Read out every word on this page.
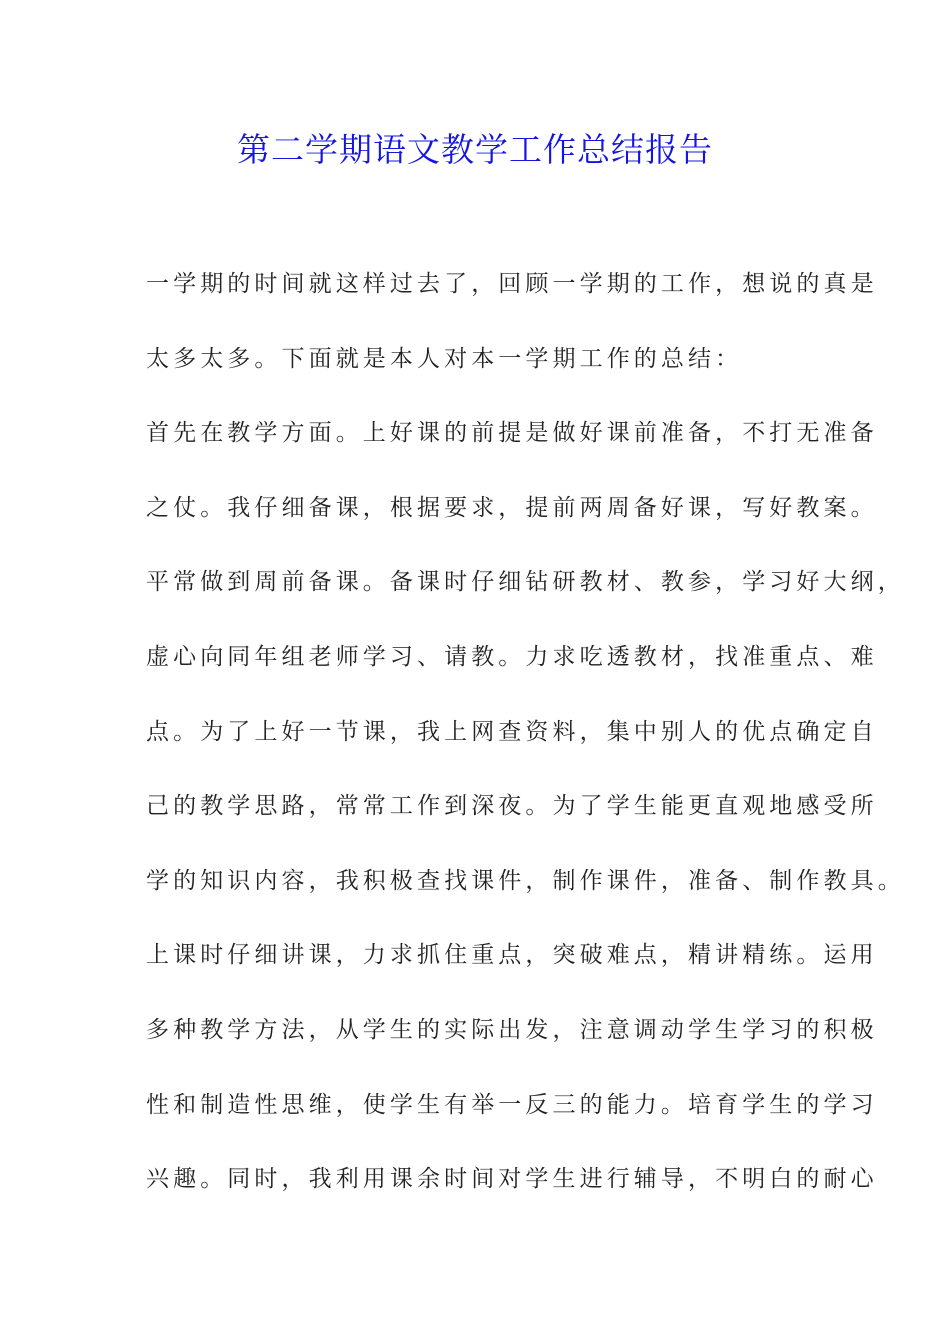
第二学期语文教学工作总结报告
一学期的时间就这样过去了，回顾一学期的工作，想说的真是
太多太多。下面就是本人对本一学期工作的总结：
首先在教学方面。上好课的前提是做好课前准备，不打无准备
之仗。我仔细备课，根据要求，提前两周备好课，写好教案。
平常做到周前备课。备课时仔细钻研教材、教参，学习好大纲，
虚心向同年组老师学习、请教。力求吃透教材，找准重点、难
点。为了上好一节课，我上网查资料，集中别人的优点确定自
己的教学思路，常常工作到深夜。为了学生能更直观地感受所
学的知识内容，我积极查找课件，制作课件，准备、制作教具。
上课时仔细讲课，力求抓住重点，突破难点，精讲精练。运用
多种教学方法，从学生的实际出发，注意调动学生学习的积极
性和制造性思维，使学生有举一反三的能力。培育学生的学习
兴趣。同时，我利用课余时间对学生进行辅导，不明白的耐心
